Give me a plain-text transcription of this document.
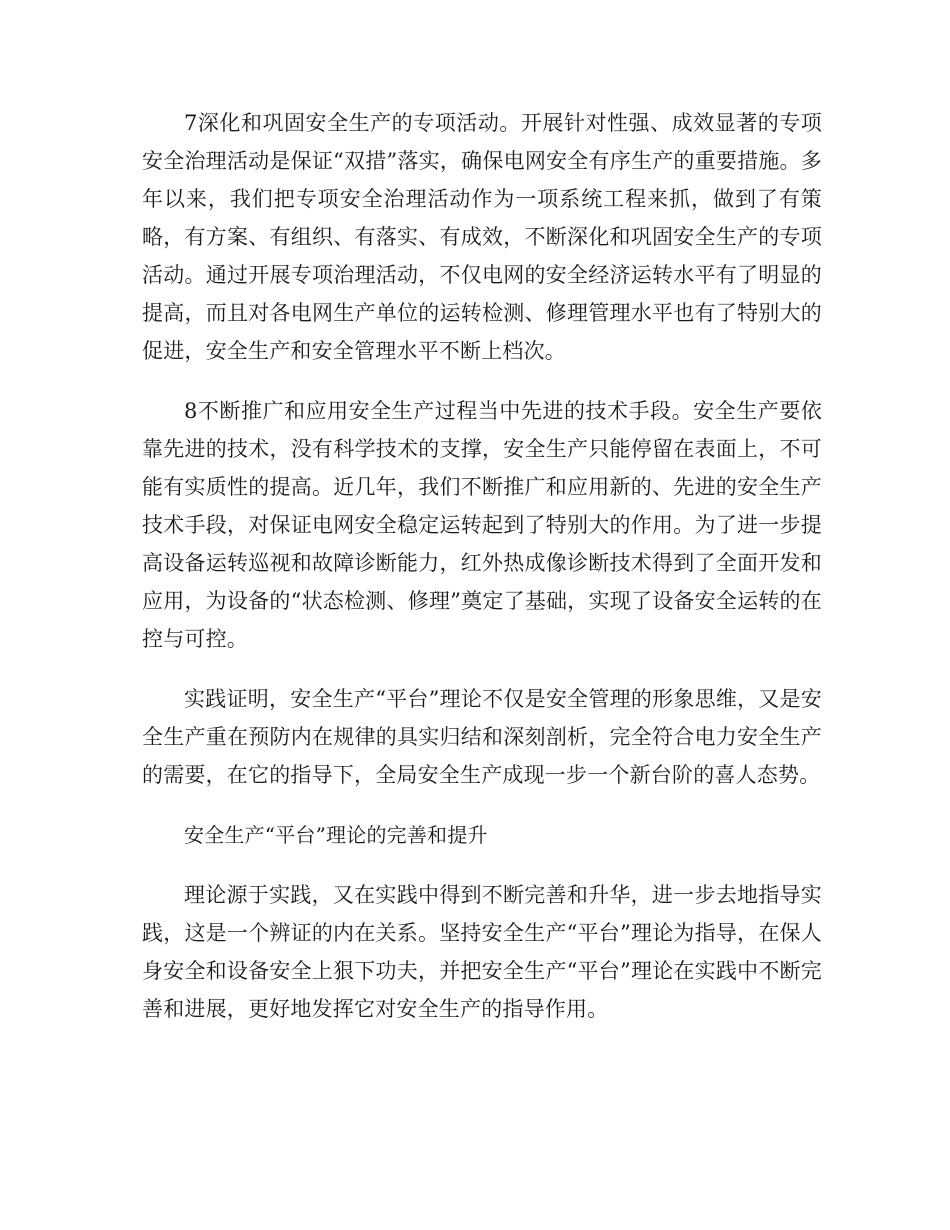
7深化和巩固安全生产的专项活动。开展针对性强、成效显著的专项安全治理活动是保证“双措”落实，确保电网安全有序生产的重要措施。多年以来，我们把专项安全治理活动作为一项系统工程来抓，做到了有策略，有方案、有组织、有落实、有成效，不断深化和巩固安全生产的专项活动。通过开展专项治理活动，不仅电网的安全经济运转水平有了明显的提高，而且对各电网生产单位的运转检测、修理管理水平也有了特别大的促进，安全生产和安全管理水平不断上档次。

8不断推广和应用安全生产过程当中先进的技术手段。安全生产要依靠先进的技术，没有科学技术的支撑，安全生产只能停留在表面上，不可能有实质性的提高。近几年，我们不断推广和应用新的、先进的安全生产技术手段，对保证电网安全稳定运转起到了特别大的作用。为了进一步提高设备运转巡视和故障诊断能力，红外热成像诊断技术得到了全面开发和应用，为设备的“状态检测、修理”奠定了基础，实现了设备安全运转的在控与可控。

实践证明，安全生产“平台”理论不仅是安全管理的形象思维，又是安全生产重在预防内在规律的具实归结和深刻剖析，完全符合电力安全生产的需要，在它的指导下，全局安全生产成现一步一个新台阶的喜人态势。

安全生产“平台”理论的完善和提升

理论源于实践，又在实践中得到不断完善和升华，进一步去地指导实践，这是一个辨证的内在关系。坚持安全生产“平台”理论为指导，在保人身安全和设备安全上狠下功夫，并把安全生产“平台”理论在实践中不断完善和进展，更好地发挥它对安全生产的指导作用。
